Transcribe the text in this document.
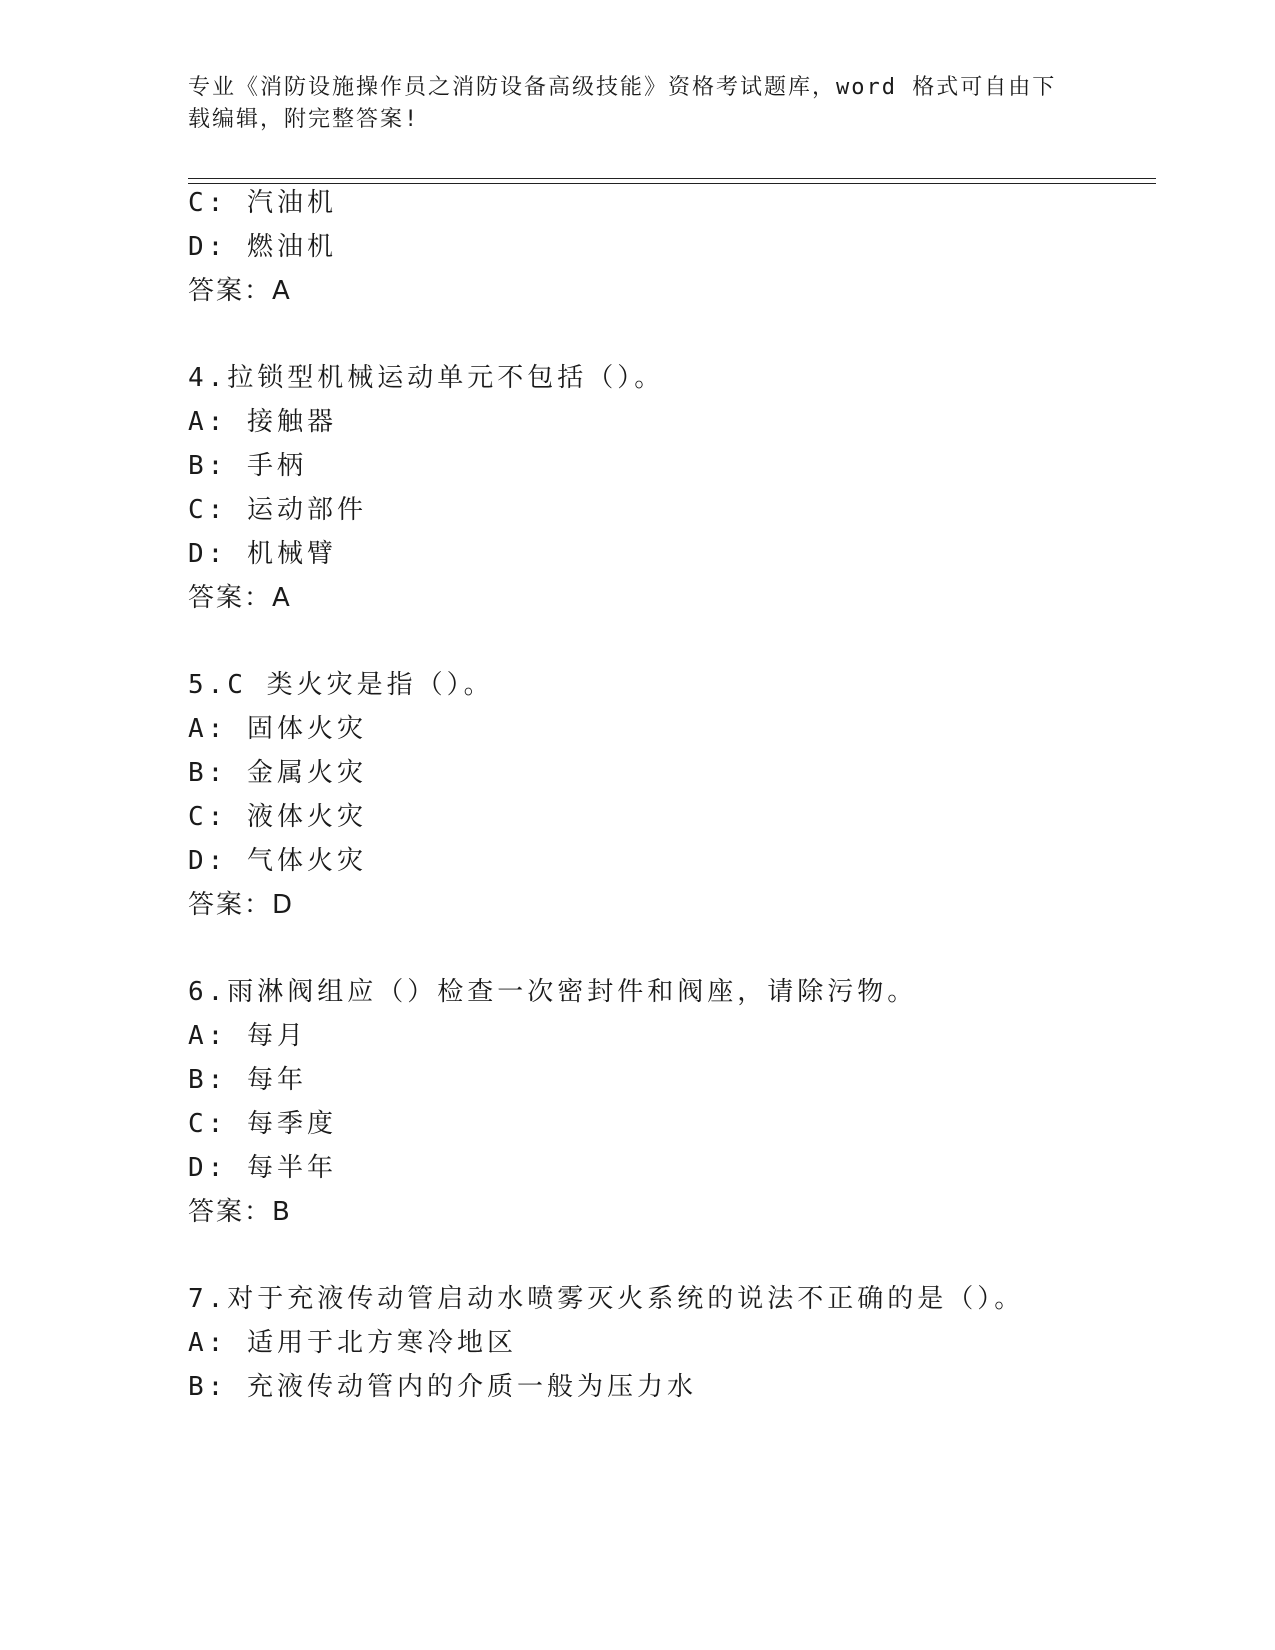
专业《消防设施操作员之消防设备高级技能》资格考试题库，word 格式可自由下
载编辑，附完整答案!
C: 汽油机
D: 燃油机
答案：A
4.拉锁型机械运动单元不包括（）。
A: 接触器
B: 手柄
C: 运动部件
D: 机械臂
答案：A
5.C 类火灾是指（）。
A: 固体火灾
B: 金属火灾
C: 液体火灾
D: 气体火灾
答案：D
6.雨淋阀组应（）检查一次密封件和阀座，请除污物。
A: 每月
B: 每年
C: 每季度
D: 每半年
答案：B
7.对于充液传动管启动水喷雾灭火系统的说法不正确的是（）。
A: 适用于北方寒冷地区
B: 充液传动管内的介质一般为压力水
